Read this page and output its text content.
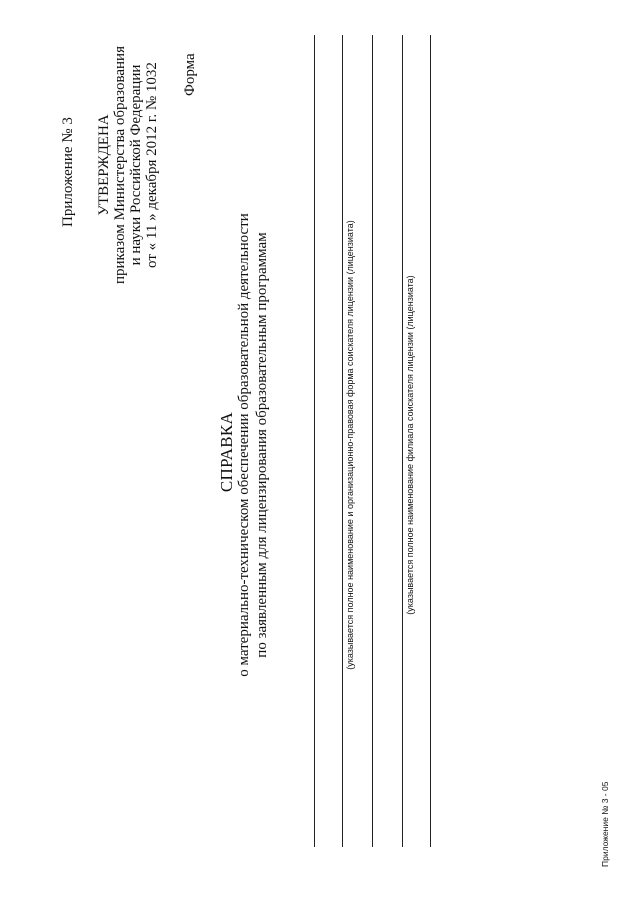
Приложение № 3 УТВЕРЖДЕНА приказом Министерства образования и науки Российской Федерации от « 11 » декабря 2012 г. № 1032 Форма
СПРАВКА о материально-техническом обеспечении образовательной деятельности по заявленным для лицензирования образовательным программам	(указывается полное наименование и организационно-правовая форма соискателя лицензии (лицензиата)	(указывается полное наименование филиала соискателя лицензии (лицензиата)
Приложение № 3 - 05
